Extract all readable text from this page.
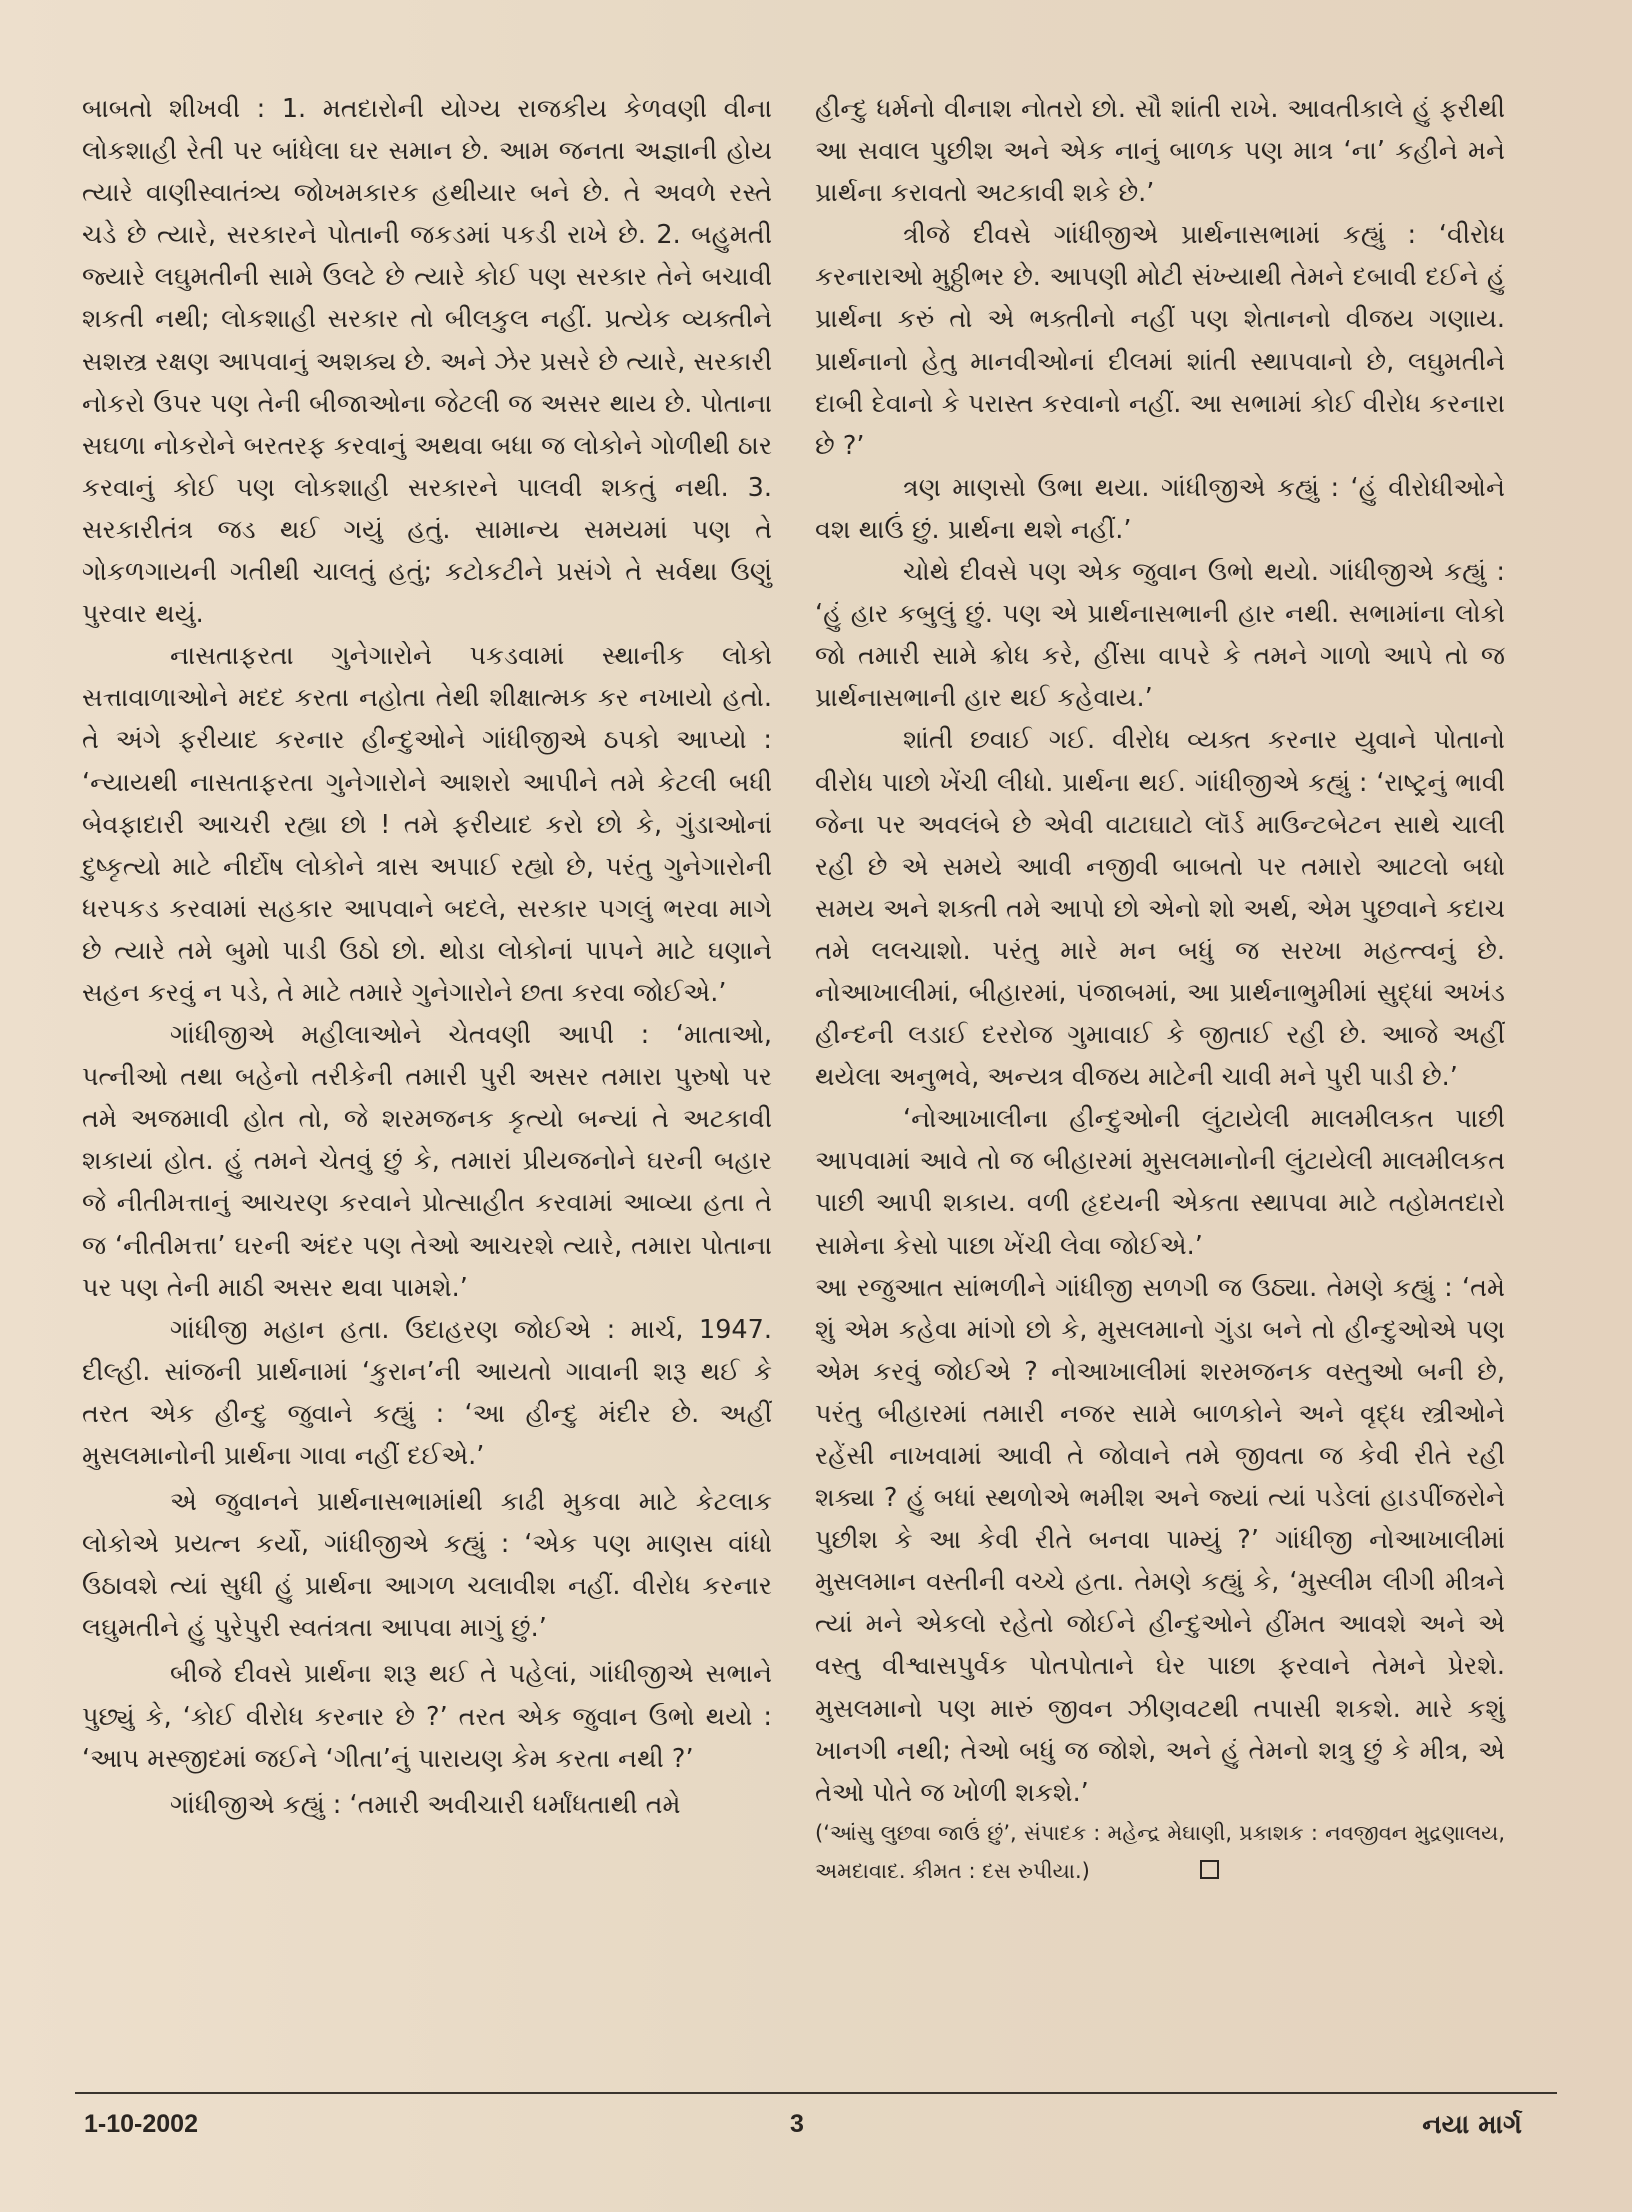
બાબતો શીખવી : 1. મતદારોની યોગ્ય રાજકીય કેળવણી વીના લોકશાહી રેતી પર બાંધેલા ઘર સમાન છે. આમ જનતા અજ્ઞાની હોય ત્યારે વાણીસ્વાતંત્ર્ય જોખમકારક હથીયાર બને છે. તે અવળે રસ્તે ચડે છે ત્યારે, સરકારને પોતાની જકડમાં પકડી રાખે છે. 2. બહુમતી જ્યારે લઘુમતીની સામે ઉલટે છે ત્યારે કોઈ પણ સરકાર તેને બચાવી શકતી નથી; લોકશાહી સરકાર તો બીલકુલ નહીં. પ્રત્યેક વ્યક્તીને સશસ્ત્ર રક્ષણ આપવાનું અશક્ય છે. અને ઝેર પ્રસરે છે ત્યારે, સરકારી નોકરો ઉપર પણ તેની બીજાઓના જેટલી જ અસર થાય છે. પોતાના સઘળા નોકરોને બરતરફ કરવાનું અથવા બધા જ લોકોને ગોળીથી ઠાર કરવાનું કોઈ પણ લોકશાહી સરકારને પાલવી શકતું નથી. 3. સરકારીતંત્ર જડ થઈ ગયું હતું. સામાન્ય સમયમાં પણ તે ગોકળગાયની ગતીથી ચાલતું હતું; કટોકટીને પ્રસંગે તે સર્વથા ઉણું પુરવાર થયું.

નાસતાફરતા ગુનેગારોને પકડવામાં સ્થાનીક લોકો સત્તાવાળાઓને મદદ કરતા નહોતા તેથી શીક્ષાત્મક કર નખાયો હતો. તે અંગે ફરીયાદ કરનાર હીન્દુઓને ગાંધીજીએ ઠપકો આપ્યો : ‘ન્યાયથી નાસતાફરતા ગુનેગારોને આશરો આપીને તમે કેટલી બધી બેવફાદારી આચરી રહ્યા છો ! તમે ફરીયાદ કરો છો કે, ગુંડાઓનાં દુષ્કૃત્યો માટે નીર્દોષ લોકોને ત્રાસ અપાઈ રહ્યો છે, પરંતુ ગુનેગારોની ધરપકડ કરવામાં સહકાર આપવાને બદલે, સરકાર પગલું ભરવા માગે છે ત્યારે તમે બુમો પાડી ઉઠો છો. થોડા લોકોનાં પાપને માટે ઘણાને સહન કરવું ન પડે, તે માટે તમારે ગુનેગારોને છતા કરવા જોઈએ.’

ગાંધીજીએ મહીલાઓને ચેતવણી આપી : ‘માતાઓ, પત્નીઓ તથા બહેનો તરીકેની તમારી પુરી અસર તમારા પુરુષો પર તમે અજમાવી હોત તો, જે શરમજનક કૃત્યો બન્યાં તે અટકાવી શકાયાં હોત. હું તમને ચેતવું છું કે, તમારાં પ્રીયજનોને ઘરની બહાર જે નીતીમત્તાનું આચરણ કરવાને પ્રોત્સાહીત કરવામાં આવ્યા હતા તે જ ‘નીતીમત્તા’ ઘરની અંદર પણ તેઓ આચરશે ત્યારે, તમારા પોતાના પર પણ તેની માઠી અસર થવા પામશે.’

ગાંધીજી મહાન હતા. ઉદાહરણ જોઈએ : માર્ચ, 1947. દીલ્હી. સાંજની પ્રાર્થનામાં ‘કુરાન’ની આયતો ગાવાની શરૂ થઈ કે તરત એક હીન્દુ જુવાને કહ્યું : ‘આ હીન્દુ મંદીર છે. અહીં મુસલમાનોની પ્રાર્થના ગાવા નહીં દઈએ.’

એ જુવાનને પ્રાર્થનાસભામાંથી કાઢી મુકવા માટે કેટલાક લોકોએ પ્રયત્ન કર્યો, ગાંધીજીએ કહ્યું : ‘એક પણ માણસ વાંધો ઉઠાવશે ત્યાં સુધી હું પ્રાર્થના આગળ ચલાવીશ નહીં. વીરોધ કરનાર લઘુમતીને હું પુરેપુરી સ્વતંત્રતા આપવા માગું છું.’

બીજે દીવસે પ્રાર્થના શરૂ થઈ તે પહેલાં, ગાંધીજીએ સભાને પુછ્યું કે, ‘કોઈ વીરોધ કરનાર છે ?’ તરત એક જુવાન ઉભો થયો : ‘આપ મસ્જીદમાં જઈને ‘ગીતા’નું પારાયણ કેમ કરતા નથી ?’

ગાંધીજીએ કહ્યું : ‘તમારી અવીચારી ધર્માંધતાથી તમે

હીન્દુ ધર્મનો વીનાશ નોતરો છો. સૌ શાંતી રાખે. આવતીકાલે હું ફરીથી આ સવાલ પુછીશ અને એક નાનું બાળક પણ માત્ર ‘ના’ કહીને મને પ્રાર્થના કરાવતો અટકાવી શકે છે.’

ત્રીજે દીવસે ગાંધીજીએ પ્રાર્થનાસભામાં કહ્યું : ‘વીરોધ કરનારાઓ મુઠ્ઠીભર છે. આપણી મોટી સંખ્યાથી તેમને દબાવી દઈને હું પ્રાર્થના કરું તો એ ભક્તીનો નહીં પણ શેતાનનો વીજય ગણાય. પ્રાર્થનાનો હેતુ માનવીઓનાં દીલમાં શાંતી સ્થાપવાનો છે, લઘુમતીને દાબી દેવાનો કે પરાસ્ત કરવાનો નહીં. આ સભામાં કોઈ વીરોધ કરનારા છે ?’

ત્રણ માણસો ઉભા થયા. ગાંધીજીએ કહ્યું : ‘હું વીરોધીઓને વશ થાઉં છું. પ્રાર્થના થશે નહીં.’

ચોથે દીવસે પણ એક જુવાન ઉભો થયો. ગાંધીજીએ કહ્યું : ‘હું હાર કબુલું છું. પણ એ પ્રાર્થનાસભાની હાર નથી. સભામાંના લોકો જો તમારી સામે ક્રોધ કરે, હીંસા વાપરે કે તમને ગાળો આપે તો જ પ્રાર્થનાસભાની હાર થઈ કહેવાય.’

શાંતી છવાઈ ગઈ. વીરોધ વ્યક્ત કરનાર યુવાને પોતાનો વીરોધ પાછો ખેંચી લીધો. પ્રાર્થના થઈ. ગાંધીજીએ કહ્યું : ‘રાષ્ટ્રનું ભાવી જેના પર અવલંબે છે એવી વાટાઘાટો લૉર્ડ માઉન્ટબેટન સાથે ચાલી રહી છે એ સમયે આવી નજીવી બાબતો પર તમારો આટલો બધો સમય અને શક્તી તમે આપો છો એનો શો અર્થ, એમ પુછવાને કદાચ તમે લલચાશો. પરંતુ મારે મન બધું જ સરખા મહત્ત્વનું છે. નોઆખાલીમાં, બીહારમાં, પંજાબમાં, આ પ્રાર્થનાભુમીમાં સુદ્ધાં અખંડ હીન્દની લડાઈ દરરોજ ગુમાવાઈ કે જીતાઈ રહી છે. આજે અહીં થયેલા અનુભવે, અન્યત્ર વીજય માટેની ચાવી મને પુરી પાડી છે.’

‘નોઆખાલીના હીન્દુઓની લુંટાયેલી માલમીલકત પાછી આપવામાં આવે તો જ બીહારમાં મુસલમાનોની લુંટાયેલી માલમીલકત પાછી આપી શકાય. વળી હૃદયની એકતા સ્થાપવા માટે તહોમતદારો સામેના કેસો પાછા ખેંચી લેવા જોઈએ.’

આ રજુઆત સાંભળીને ગાંધીજી સળગી જ ઉઠ્યા. તેમણે કહ્યું : ‘તમે શું એમ કહેવા માંગો છો કે, મુસલમાનો ગુંડા બને તો હીન્દુઓએ પણ એમ કરવું જોઈએ ? નોઆખાલીમાં શરમજનક વસ્તુઓ બની છે, પરંતુ બીહારમાં તમારી નજર સામે બાળકોને અને વૃદ્ધ સ્ત્રીઓને રહેંસી નાખવામાં આવી તે જોવાને તમે જીવતા જ કેવી રીતે રહી શક્યા ? હું બધાં સ્થળોએ ભમીશ અને જ્યાં ત્યાં પડેલાં હાડપીંજરોને પુછીશ કે આ કેવી રીતે બનવા પામ્યું ?’ ગાંધીજી નોઆખાલીમાં મુસલમાન વસ્તીની વચ્ચે હતા. તેમણે કહ્યું કે, ‘મુસ્લીમ લીગી મીત્રને ત્યાં મને એકલો રહેતો જોઈને હીન્દુઓને હીંમત આવશે અને એ વસ્તુ વીશ્વાસપુર્વક પોતપોતાને ઘેર પાછા ફરવાને તેમને પ્રેરશે. મુસલમાનો પણ મારું જીવન ઝીણવટથી તપાસી શકશે. મારે કશું ખાનગી નથી; તેઓ બધું જ જોશે, અને હું તેમનો શત્રુ છું કે મીત્ર, એ તેઓ પોતે જ ખોળી શકશે.’

(‘આંસુ લુછવા જાઉં છું’, સંપાદક : મહેન્દ્ર મેઘાણી, પ્રકાશક : નવજીવન મુદ્રણાલય, અમદાવાદ. કીમત : દસ રુપીયા.)

1-10-2002	3	નયા માર્ગ
